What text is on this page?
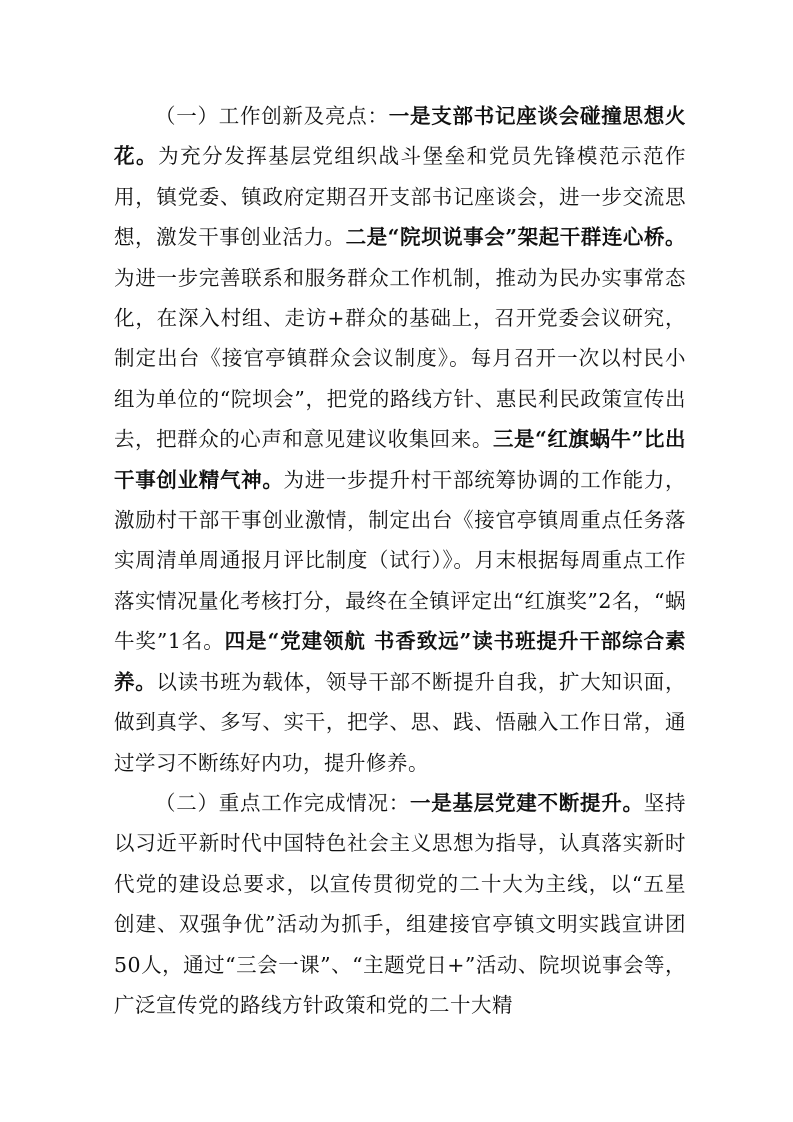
（一）工作创新及亮点：一是支部书记座谈会碰撞思想火花。为充分发挥基层党组织战斗堡垒和党员先锋模范示范作用，镇党委、镇政府定期召开支部书记座谈会，进一步交流思想，激发干事创业活力。二是“院坝说事会”架起干群连心桥。为进一步完善联系和服务群众工作机制，推动为民办实事常态化，在深入村组、走访+群众的基础上，召开党委会议研究，制定出台《接官亭镇群众会议制度》。每月召开一次以村民小组为单位的“院坝会”，把党的路线方针、惠民利民政策宣传出去，把群众的心声和意见建议收集回来。三是“红旗蜗牛”比出干事创业精气神。为进一步提升村干部统筹协调的工作能力，激励村干部干事创业激情，制定出台《接官亭镇周重点任务落实周清单周通报月评比制度（试行）》。月末根据每周重点工作落实情况量化考核打分，最终在全镇评定出“红旗奖”2名，“蜗牛奖”1名。四是“党建领航 书香致远”读书班提升干部综合素养。以读书班为载体，领导干部不断提升自我，扩大知识面，做到真学、多写、实干，把学、思、践、悟融入工作日常，通过学习不断练好内功，提升修养。

（二）重点工作完成情况：一是基层党建不断提升。坚持以习近平新时代中国特色社会主义思想为指导，认真落实新时代党的建设总要求，以宣传贯彻党的二十大为主线，以“五星创建、双强争优”活动为抓手，组建接官亭镇文明实践宣讲团50人，通过“三会一课”、“主题党日+”活动、院坝说事会等，广泛宣传党的路线方针政策和党的二十大精
